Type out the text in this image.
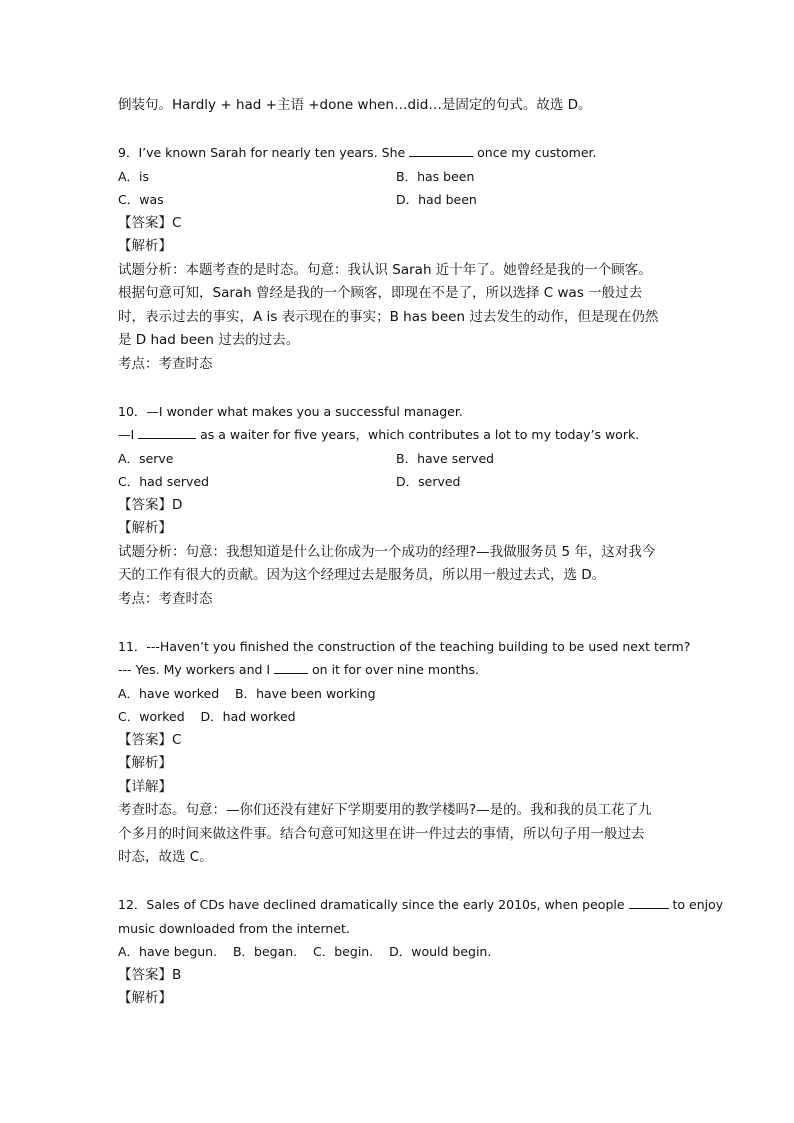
倒装句。Hardly + had +主语 +done when…did…是固定的句式。故选 D。
9．I’ve known Sarah for nearly ten years. She	once my customer.
A．is	B．has been
C．was	D．had been
【答案】C
【解析】
试题分析：本题考查的是时态。句意：我认识 Sarah 近十年了。她曾经是我的一个顾客。
根据句意可知，Sarah 曾经是我的一个顾客，即现在不是了，所以选择 C was 一般过去
时，表示过去的事实，A is 表示现在的事实；B has been 过去发生的动作，但是现在仍然
是 D had been 过去的过去。
考点：考查时态
10．—I wonder what makes you a successful manager.
—I	as a waiter for five years，which contributes a lot to my today’s work.
A．serve	B．have served
C．had served	D．served
【答案】D
【解析】
试题分析：句意：我想知道是什么让你成为一个成功的经理?—我做服务员 5 年，这对我今
天的工作有很大的贡献。因为这个经理过去是服务员，所以用一般过去式，选 D。
考点：考查时态
11．---Haven’t you finished the construction of the teaching building to be used next term?
--- Yes. My workers and I	on it for over nine months.
A．have worked    B．have been working
C．worked    D．had worked
【答案】C
【解析】
【详解】
考查时态。句意：—你们还没有建好下学期要用的教学楼吗?—是的。我和我的员工花了九
个多月的时间来做这件事。结合句意可知这里在讲一件过去的事情，所以句子用一般过去
时态，故选 C。
12．Sales of CDs have declined dramatically since the early 2010s, when people	to enjoy
music downloaded from the internet.
A．have begun.    B．began.    C．begin.    D．would begin.
【答案】B
【解析】
